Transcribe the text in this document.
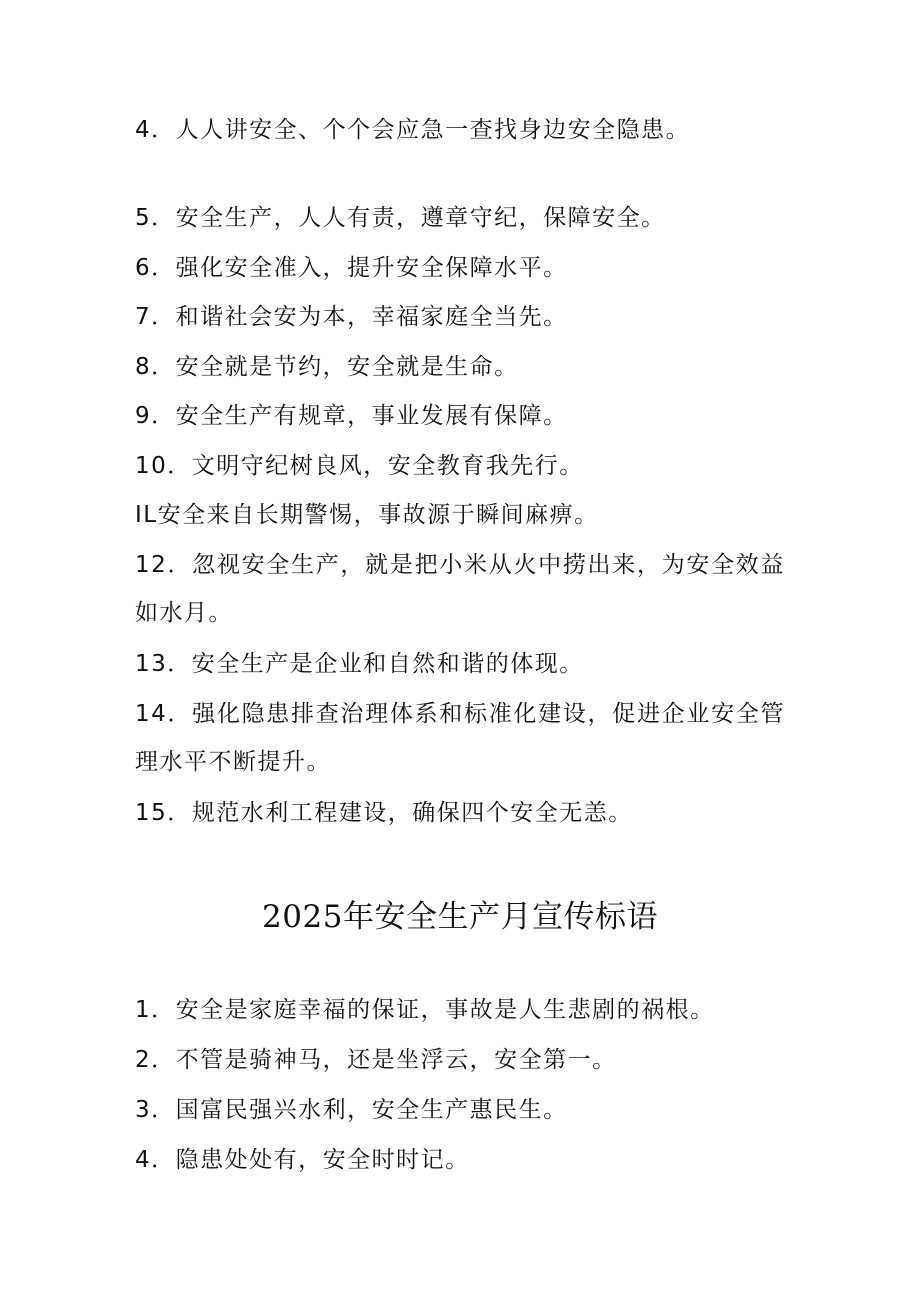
4．人人讲安全、个个会应急一查找身边安全隐患。
5．安全生产，人人有责，遵章守纪，保障安全。
6．强化安全准入，提升安全保障水平。
7．和谐社会安为本，幸福家庭全当先。
8．安全就是节约，安全就是生命。
9．安全生产有规章，事业发展有保障。
10．文明守纪树良风，安全教育我先行。
IL安全来自长期警惕，事故源于瞬间麻痹。
12．忽视安全生产，就是把小米从火中捞出来，为安全效益如水月。
13．安全生产是企业和自然和谐的体现。
14．强化隐患排查治理体系和标准化建设，促进企业安全管理水平不断提升。
15．规范水利工程建设，确保四个安全无恙。
2025年安全生产月宣传标语
1．安全是家庭幸福的保证，事故是人生悲剧的祸根。
2．不管是骑神马，还是坐浮云，安全第一。
3．国富民强兴水利，安全生产惠民生。
4．隐患处处有，安全时时记。
